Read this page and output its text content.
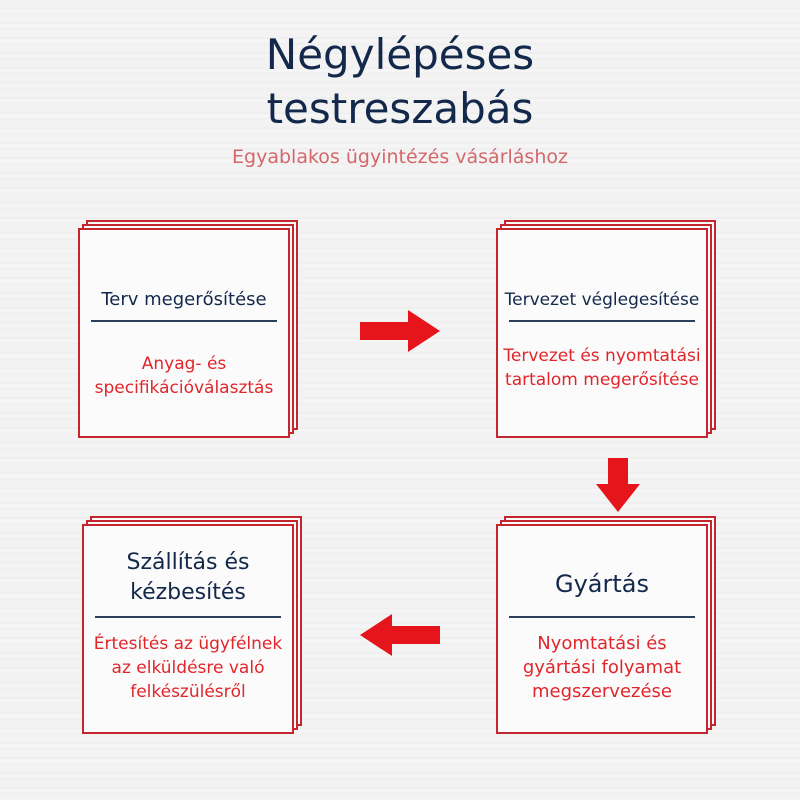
Négylépéses
testreszabás
Egyablakos ügyintézés vásárláshoz
Terv megerősítése
Anyag- és specifikációválasztás
Tervezet véglegesítése
Tervezet és nyomtatási tartalom megerősítése
Gyártás
Nyomtatási és gyártási folyamat megszervezése
Szállítás és kézbesítés
Értesítés az ügyfélnek az elküldésre való felkészülésről
